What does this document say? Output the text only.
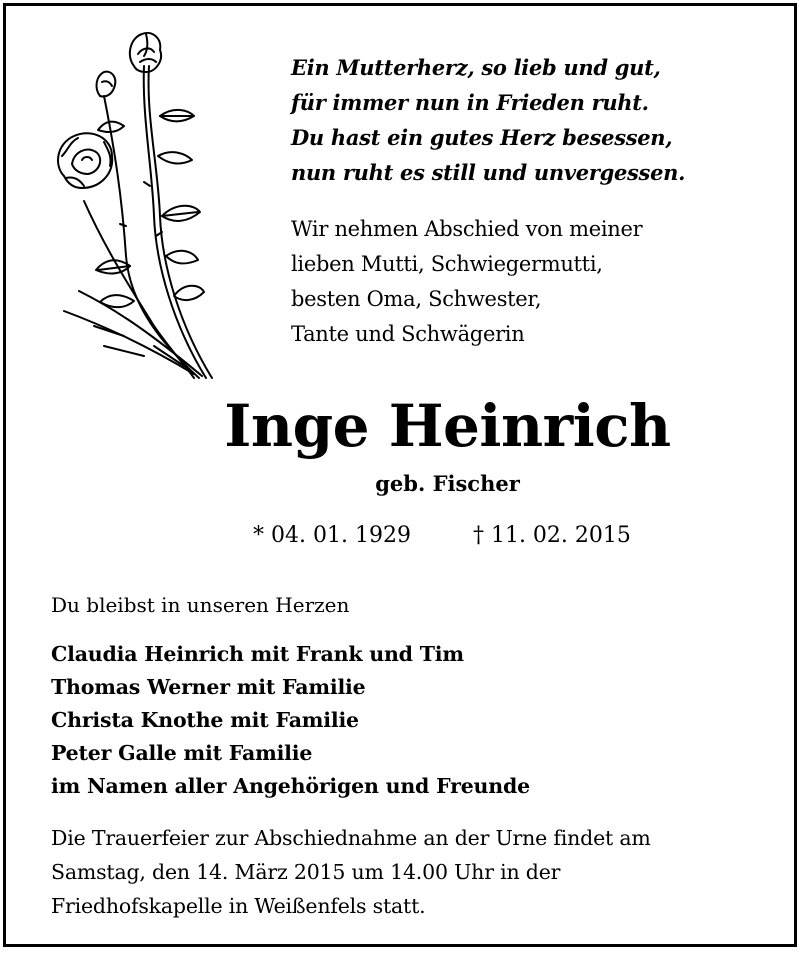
Ein Mutterherz, so lieb und gut,
für immer nun in Frieden ruht.
Du hast ein gutes Herz besessen,
nun ruht es still und unvergessen.
Wir nehmen Abschied von meiner
lieben Mutti, Schwiegermutti,
besten Oma, Schwester,
Tante und Schwägerin
Inge Heinrich
geb. Fischer
* 04. 01. 1929	† 11. 02. 2015
Du bleibst in unseren Herzen
Claudia Heinrich mit Frank und Tim
Thomas Werner mit Familie
Christa Knothe mit Familie
Peter Galle mit Familie
im Namen aller Angehörigen und Freunde
Die Trauerfeier zur Abschiednahme an der Urne findet am
Samstag, den 14. März 2015 um 14.00 Uhr in der
Friedhofskapelle in Weißenfels statt.
